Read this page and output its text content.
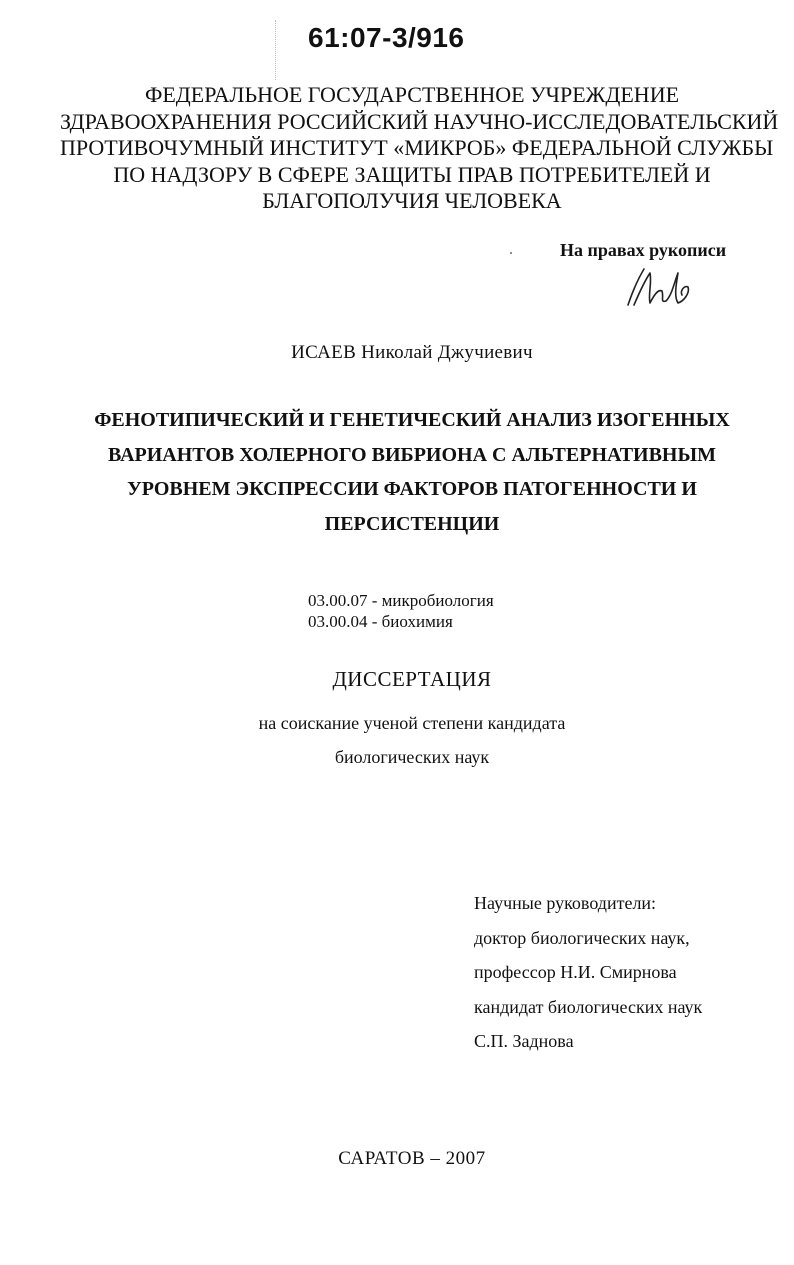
61:07-3/916
ФЕДЕРАЛЬНОЕ ГОСУДАРСТВЕННОЕ УЧРЕЖДЕНИЕ
ЗДРАВООХРАНЕНИЯ РОССИЙСКИЙ НАУЧНО-ИССЛЕДОВАТЕЛЬСКИЙ
ПРОТИВОЧУМНЫЙ ИНСТИТУТ «МИКРОБ» ФЕДЕРАЛЬНОЙ СЛУЖБЫ
ПО НАДЗОРУ В СФЕРЕ ЗАЩИТЫ ПРАВ ПОТРЕБИТЕЛЕЙ И
БЛАГОПОЛУЧИЯ ЧЕЛОВЕКА
На правах рукописи
ИСАЕВ Николай Джучиевич
ФЕНОТИПИЧЕСКИЙ И ГЕНЕТИЧЕСКИЙ АНАЛИЗ ИЗОГЕННЫХ
ВАРИАНТОВ ХОЛЕРНОГО ВИБРИОНА С АЛЬТЕРНАТИВНЫМ
УРОВНЕМ ЭКСПРЕССИИ ФАКТОРОВ ПАТОГЕННОСТИ И
ПЕРСИСТЕНЦИИ
03.00.07 - микробиология
03.00.04 - биохимия
ДИССЕРТАЦИЯ
на соискание ученой степени кандидата
биологических наук
Научные руководители:
доктор биологических наук,
профессор Н.И. Смирнова
кандидат биологических наук
С.П. Заднова
САРАТОВ – 2007
